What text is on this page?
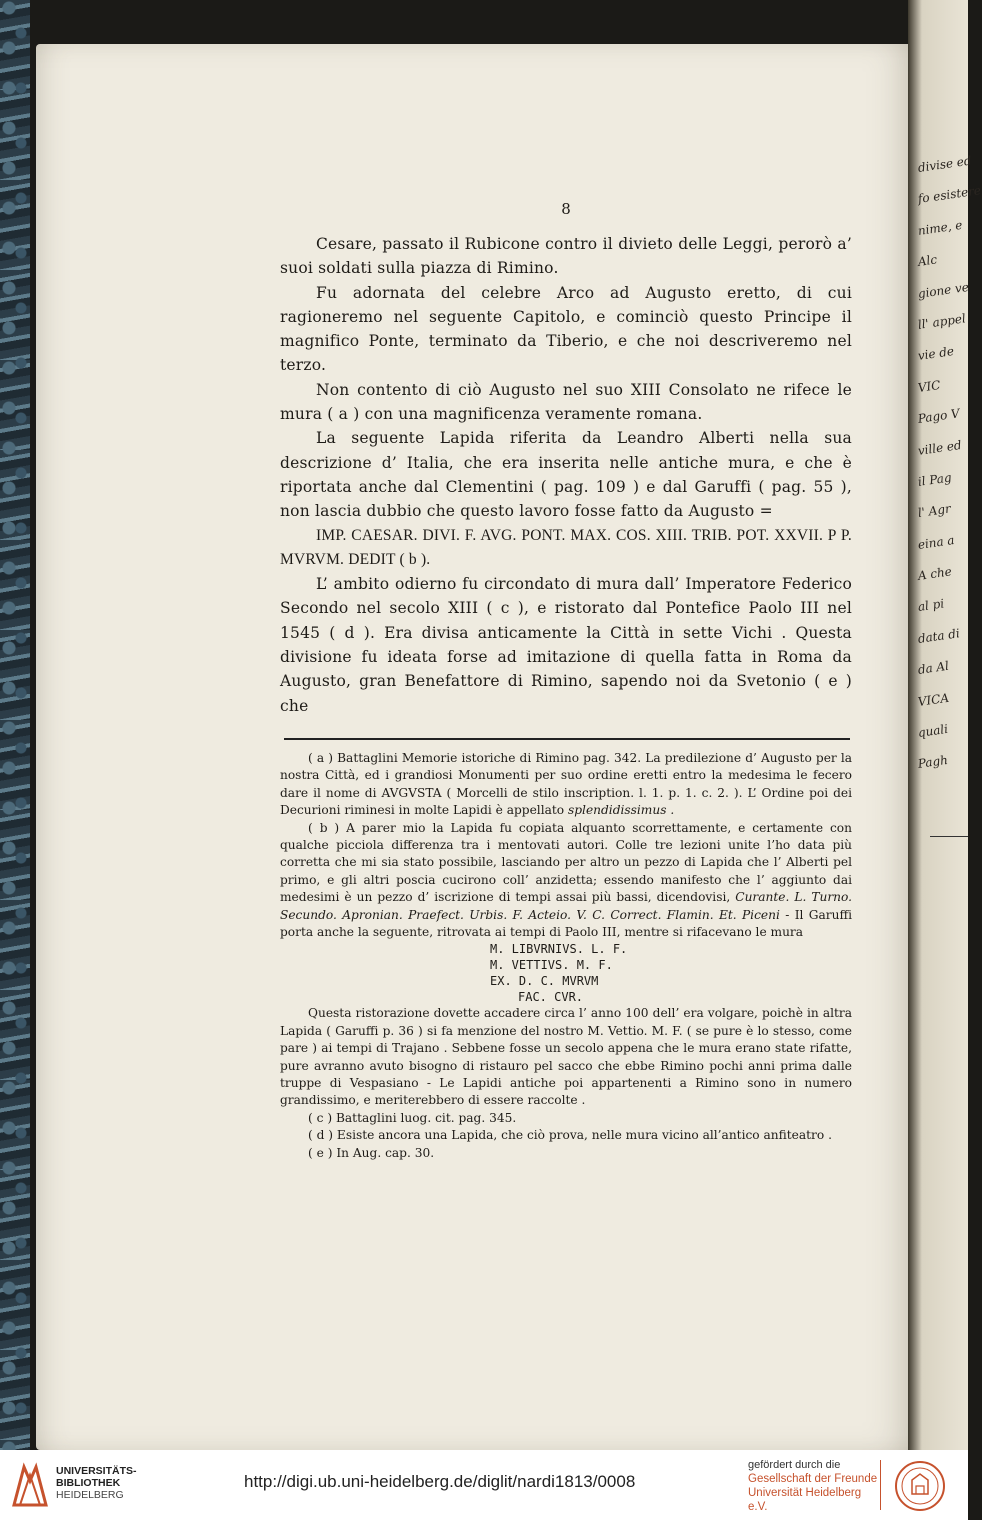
divise ed
fo esistere
nime, e
Alc
gione ve
ll' appel
vie de
VIC
Pago V
ville ed
il Pag
l' Agr
eina a
A che
al pi
data di
da Al
VICA
quali
Pagh
8

Cesare, passato il Rubicone contro il divieto delle Leggi, perorò a’ suoi soldati sulla piazza di Rimino.

Fu adornata del celebre Arco ad Augusto eretto, di cui ragioneremo nel seguente Capitolo, e cominciò questo Principe il magnifico Ponte, terminato da Tiberio, e che noi descriveremo nel terzo.

Non contento di ciò Augusto nel suo XIII Consolato ne rifece le mura ( a ) con una magnificenza veramente romana.

La seguente Lapida riferita da Leandro Alberti nella sua descrizione d’ Italia, che era inserita nelle antiche mura, e che è riportata anche dal Clementini ( pag. 109 ) e dal Garuffi ( pag. 55 ), non lascia dubbio che questo lavoro fosse fatto da Augusto =

IMP. CAESAR. DIVI. F. AVG. PONT. MAX. COS. XIII. TRIB. POT. XXVII. P P. MVRVM. DEDIT ( b ).

L’ ambito odierno fu circondato di mura dall’ Imperatore Federico Secondo nel secolo XIII ( c ), e ristorato dal Pontefice Paolo III nel 1545 ( d ). Era divisa anticamente la Città in sette Vichi . Questa divisione fu ideata forse ad imitazione di quella fatta in Roma da Augusto, gran Benefattore di Rimino, sapendo noi da Svetonio ( e ) che

( a ) Battaglini Memorie istoriche di Rimino pag. 342. La predilezione d’ Augusto per la nostra Città, ed i grandiosi Monumenti per suo ordine eretti entro la medesima le fecero dare il nome di AVGVSTA ( Morcelli de stilo inscription. l. 1. p. 1. c. 2. ). L’ Ordine poi dei Decurioni riminesi in molte Lapidi è appellato splendidissimus .

( b ) A parer mio la Lapida fu copiata alquanto scorrettamente, e certamente con qualche picciola differenza tra i mentovati autori. Colle tre lezioni unite l’ho data più corretta che mi sia stato possibile, lasciando per altro un pezzo di Lapida che l’ Alberti pel primo, e gli altri poscia cucirono coll’ anzidetta; essendo manifesto che l’ aggiunto dai medesimi è un pezzo d’ iscrizione di tempi assai più bassi, dicendovisi, Curante. L. Turno. Secundo. Apronian. Praefect. Urbis. F. Acteio. V. C. Correct. Flamin. Et. Piceni - Il Garuffi porta anche la seguente, ritrovata ai tempi di Paolo III, mentre si rifacevano le mura

M. LIBVRNIVS. L. F.

M. VETTIVS. M. F.

EX. D. C. MVRVM

FAC. CVR.

Questa ristorazione dovette accadere circa l’ anno 100 dell’ era volgare, poichè in altra Lapida ( Garuffi p. 36 ) si fa menzione del nostro M. Vettio. M. F. ( se pure è lo stesso, come pare ) ai tempi di Trajano . Sebbene fosse un secolo appena che le mura erano state rifatte, pure avranno avuto bisogno di ristauro pel sacco che ebbe Rimino pochi anni prima dalle truppe di Vespasiano - Le Lapidi antiche poi appartenenti a Rimino sono in numero grandissimo, e meriterebbero di essere raccolte .

( c ) Battaglini luog. cit. pag. 345.

( d ) Esiste ancora una Lapida, che ciò prova, nelle mura vicino all’antico anfiteatro .

( e ) In Aug. cap. 30.

UNIVERSITÄTS-
BIBLIOTHEK
HEIDELBERG
http://digi.ub.uni-heidelberg.de/diglit/nardi1813/0008
gefördert durch die
Gesellschaft der Freunde
Universität Heidelberg e.V.
